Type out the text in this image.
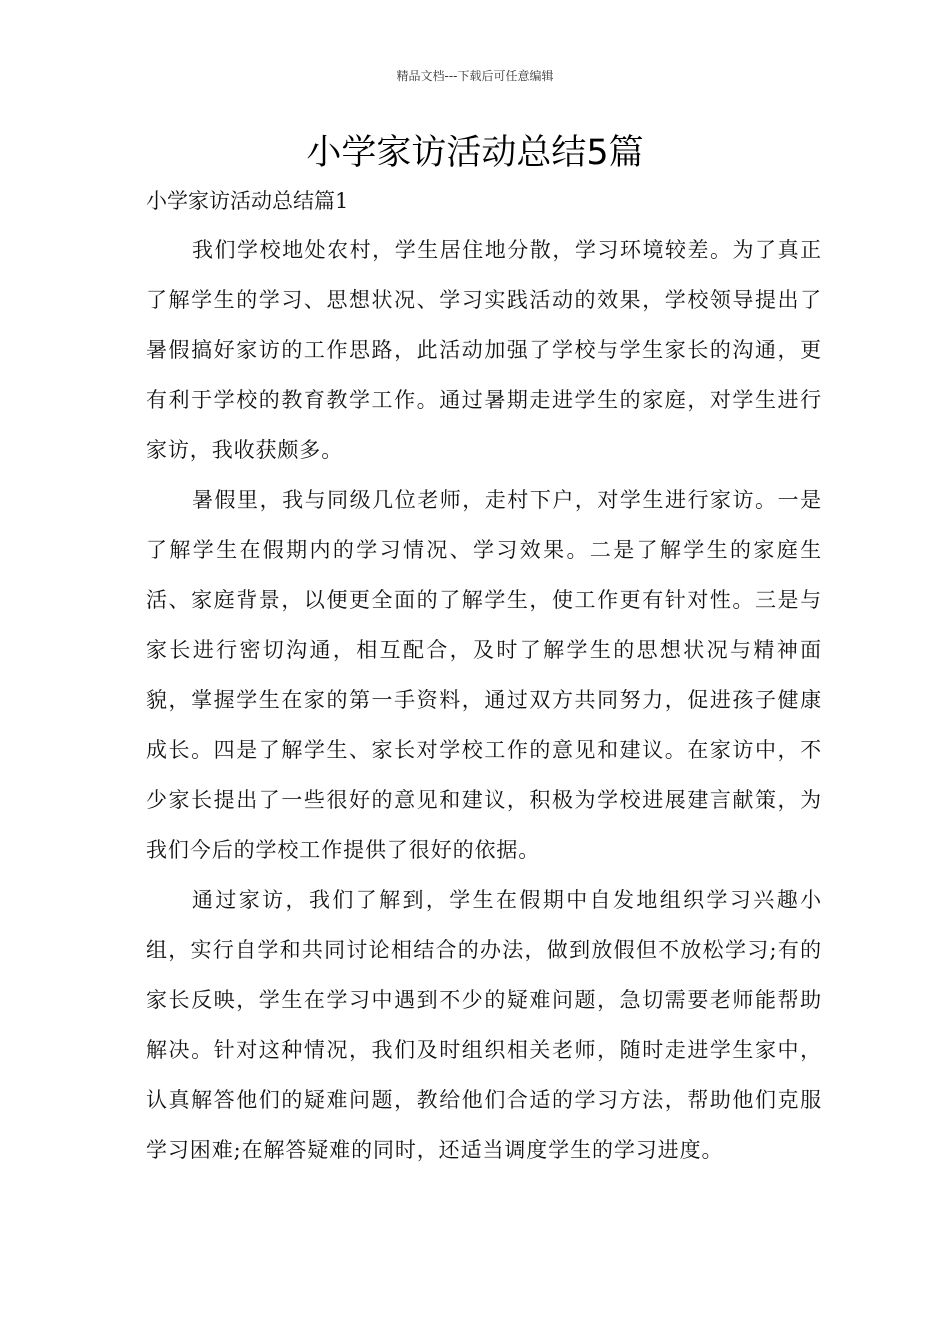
精品文档---下载后可任意编辑
小学家访活动总结5篇
小学家访活动总结篇1

我们学校地处农村，学生居住地分散，学习环境较差。为了真正了解学生的学习、思想状况、学习实践活动的效果，学校领导提出了暑假搞好家访的工作思路，此活动加强了学校与学生家长的沟通，更有利于学校的教育教学工作。通过暑期走进学生的家庭，对学生进行家访，我收获颇多。

暑假里，我与同级几位老师，走村下户，对学生进行家访。一是了解学生在假期内的学习情况、学习效果。二是了解学生的家庭生活、家庭背景，以便更全面的了解学生，使工作更有针对性。三是与家长进行密切沟通，相互配合，及时了解学生的思想状况与精神面貌，掌握学生在家的第一手资料，通过双方共同努力，促进孩子健康成长。四是了解学生、家长对学校工作的意见和建议。在家访中，不少家长提出了一些很好的意见和建议，积极为学校进展建言献策，为我们今后的学校工作提供了很好的依据。

通过家访，我们了解到，学生在假期中自发地组织学习兴趣小组，实行自学和共同讨论相结合的办法，做到放假但不放松学习;有的家长反映，学生在学习中遇到不少的疑难问题，急切需要老师能帮助解决。针对这种情况，我们及时组织相关老师，随时走进学生家中，认真解答他们的疑难问题，教给他们合适的学习方法，帮助他们克服学习困难;在解答疑难的同时，还适当调度学生的学习进度。
